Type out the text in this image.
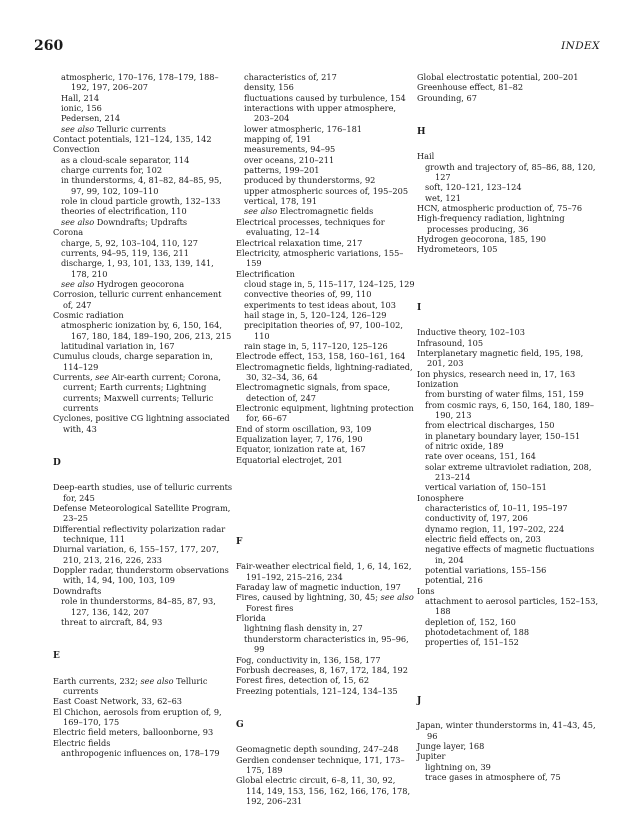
260	INDEX
atmospheric, 170–176, 178–179, 188–192, 197, 206–207
Hall, 214
ionic, 156
Pedersen, 214
see also Telluric currents
Contact potentials, 121–124, 135, 142
Convection
as a cloud-scale separator, 114
charge currents for, 102
in thunderstorms, 4, 81–82, 84–85, 95, 97, 99, 102, 109–110
role in cloud particle growth, 132–133
theories of electrification, 110
see also Downdrafts; Updrafts
Corona
charge, 5, 92, 103–104, 110, 127
currents, 94–95, 119, 136, 211
discharge, 1, 93, 101, 133, 139, 141, 178, 210
see also Hydrogen geocorona
Corrosion, telluric current enhancement of, 247
Cosmic radiation
atmospheric ionization by, 6, 150, 164, 167, 180, 184, 189–190, 206, 213, 215
latitudinal variation in, 167
Cumulus clouds, charge separation in, 114–129
Currents, see Air-earth current; Corona, current; Earth currents; Lightning currents; Maxwell currents; Telluric currents
Cyclones, positive CG lightning associated with, 43
D
Deep-earth studies, use of telluric currents for, 245
Defense Meteorological Satellite Program, 23–25
Differential reflectivity polarization radar technique, 111
Diurnal variation, 6, 155–157, 177, 207, 210, 213, 216, 226, 233
Doppler radar, thunderstorm observations with, 14, 94, 100, 103, 109
Downdrafts
role in thunderstorms, 84–85, 87, 93, 127, 136, 142, 207
threat to aircraft, 84, 93
E
Earth currents, 232; see also Telluric currents
East Coast Network, 33, 62–63
El Chichon, aerosols from eruption of, 9, 169–170, 175
Electric field meters, balloonborne, 93
Electric fields
anthropogenic influences on, 178–179
characteristics of, 217
density, 156
fluctuations caused by turbulence, 154
interactions with upper atmosphere, 203–204
lower atmospheric, 176–181
mapping of, 191
measurements, 94–95
over oceans, 210–211
patterns, 199–201
produced by thunderstorms, 92
upper atmospheric sources of, 195–205
vertical, 178, 191
see also Electromagnetic fields
Electrical processes, techniques for evaluating, 12–14
Electrical relaxation time, 217
Electricity, atmospheric variations, 155–159
Electrification
cloud stage in, 5, 115–117, 124–125, 129
convective theories of, 99, 110
experiments to test ideas about, 103
hail stage in, 5, 120–124, 126–129
precipitation theories of, 97, 100–102, 110
rain stage in, 5, 117–120, 125–126
Electrode effect, 153, 158, 160–161, 164
Electromagnetic fields, lightning-radiated, 30, 32–34, 36, 64
Electromagnetic signals, from space, detection of, 247
Electronic equipment, lightning protection for, 66–67
End of storm oscillation, 93, 109
Equalization layer, 7, 176, 190
Equator, ionization rate at, 167
Equatorial electrojet, 201
F
Fair-weather electrical field, 1, 6, 14, 162, 191–192, 215–216, 234
Faraday law of magnetic induction, 197
Fires, caused by lightning, 30, 45; see also Forest fires
Florida
lightning flash density in, 27
thunderstorm characteristics in, 95–96, 99
Fog, conductivity in, 136, 158, 177
Forbush decreases, 8, 167, 172, 184, 192
Forest fires, detection of, 15, 62
Freezing potentials, 121–124, 134–135
G
Geomagnetic depth sounding, 247–248
Gerdien condenser technique, 171, 173–175, 189
Global electric circuit, 6–8, 11, 30, 92, 114, 149, 153, 156, 162, 166, 176, 178, 192, 206–231
Global electrostatic potential, 200–201
Greenhouse effect, 81–82
Grounding, 67
H
Hail
growth and trajectory of, 85–86, 88, 120, 127
soft, 120–121, 123–124
wet, 121
HCN, atmospheric production of, 75–76
High-frequency radiation, lightning processes producing, 36
Hydrogen geocorona, 185, 190
Hydrometeors, 105
I
Inductive theory, 102–103
Infrasound, 105
Interplanetary magnetic field, 195, 198, 201, 203
Ion physics, research need in, 17, 163
Ionization
from bursting of water films, 151, 159
from cosmic rays, 6, 150, 164, 180, 189–190, 213
from electrical discharges, 150
in planetary boundary layer, 150–151
of nitric oxide, 189
rate over oceans, 151, 164
solar extreme ultraviolet radiation, 208, 213–214
vertical variation of, 150–151
Ionosphere
characteristics of, 10–11, 195–197
conductivity of, 197, 206
dynamo region, 11, 197–202, 224
electric field effects on, 203
negative effects of magnetic fluctuations in, 204
potential variations, 155–156
potential, 216
Ions
attachment to aerosol particles, 152–153, 188
depletion of, 152, 160
photodetachment of, 188
properties of, 151–152
J
Japan, winter thunderstorms in, 41–43, 45, 96
Junge layer, 168
Jupiter
lightning on, 39
trace gases in atmosphere of, 75
